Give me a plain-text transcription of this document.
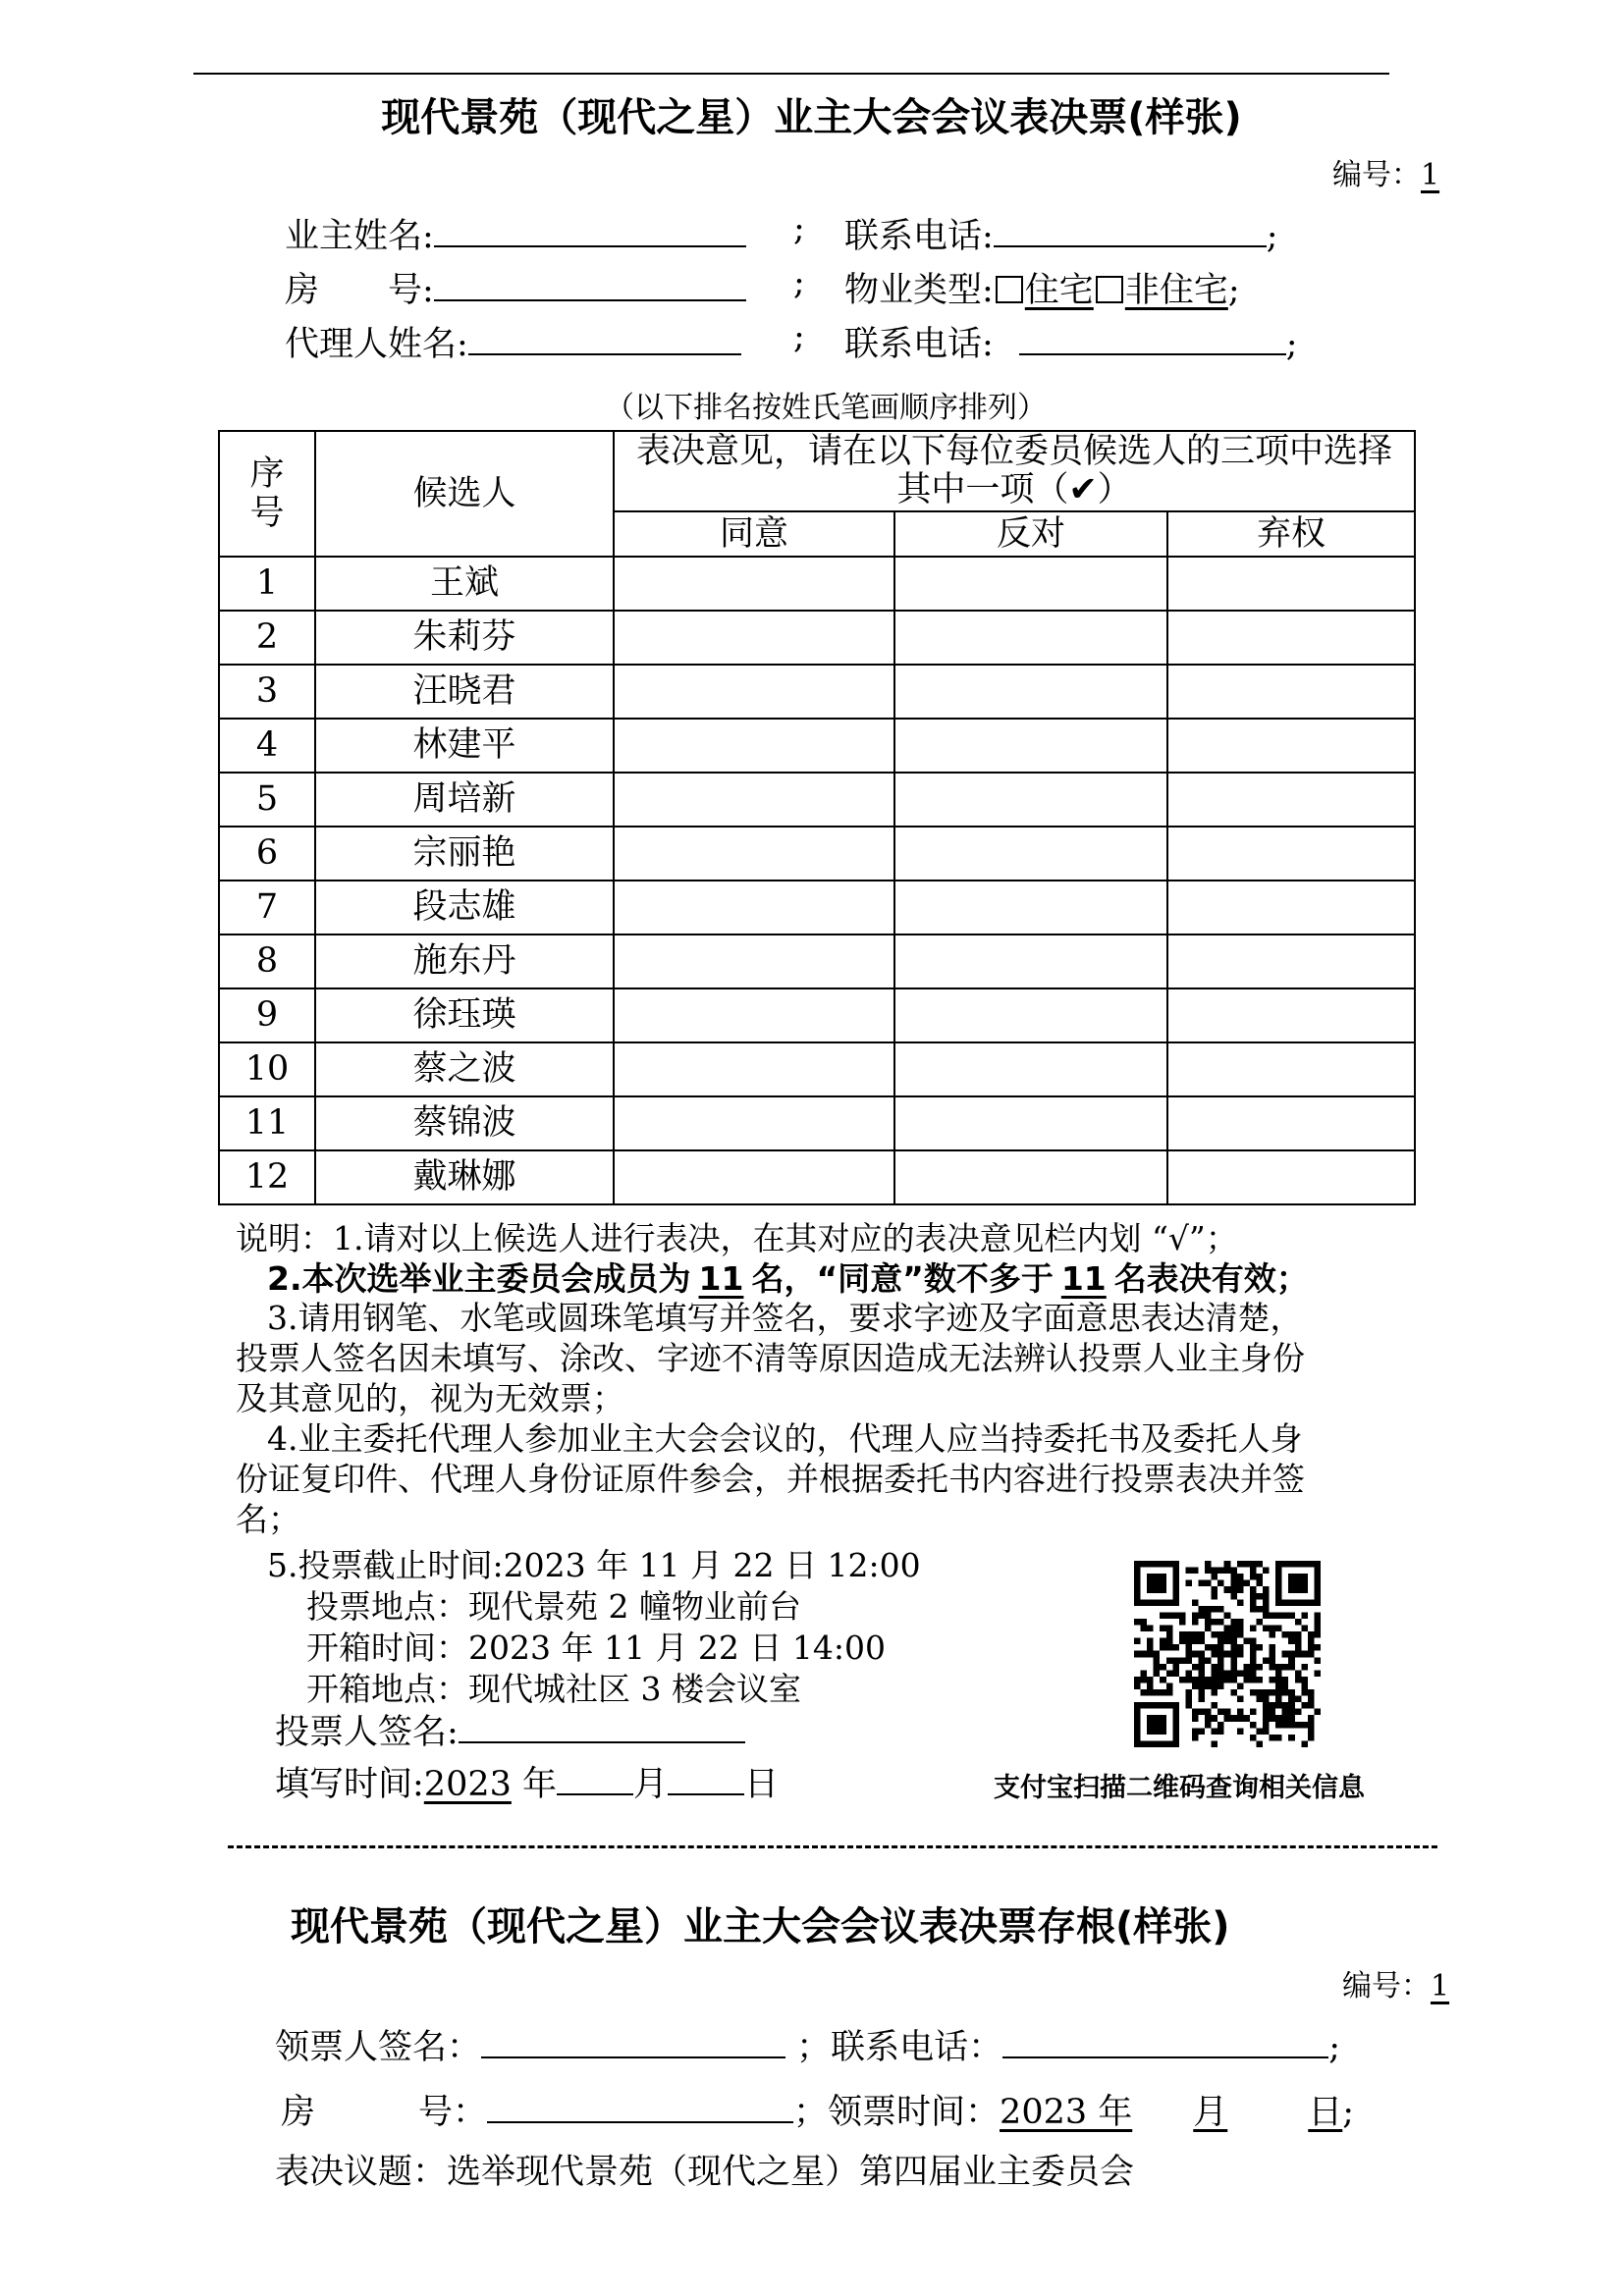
现代景苑（现代之星）业主大会会议表决票(样张)
编号：1
业主姓名:	; 联系电话:	;
房　　号:	; 物业类型: 住宅 非住宅;
代理人姓名:	; 联系电话:	;
（以下排名按姓氏笔画顺序排列）
序号	候选人	表决意见，请在以下每位委员候选人的三项中选择其中一项（✔）		

		同意	反对	弃权
1	王斌			
2	朱莉芬			
3	汪晓君			
4	林建平			
5	周培新			
6	宗丽艳			
7	段志雄			
8	施东丹			
9	徐珏瑛			
10	蔡之波			
11	蔡锦波			
12	戴琳娜			
说明：1.请对以上候选人进行表决，在其对应的表决意见栏内划 “√”；
2.本次选举业主委员会成员为 11 名，“同意”数不多于 11 名表决有效；
3.请用钢笔、水笔或圆珠笔填写并签名，要求字迹及字面意思表达清楚，
投票人签名因未填写、涂改、字迹不清等原因造成无法辨认投票人业主身份
及其意见的，视为无效票；
4.业主委托代理人参加业主大会会议的，代理人应当持委托书及委托人身
份证复印件、代理人身份证原件参会，并根据委托书内容进行投票表决并签
名；
5.投票截止时间:2023 年 11 月 22 日 12:00
投票地点：现代景苑 2 幢物业前台
开箱时间：2023 年 11 月 22 日 14:00
开箱地点：现代城社区 3 楼会议室
投票人签名:
填写时间:2023 年 月 日	支付宝扫描二维码查询相关信息
现代景苑（现代之星）业主大会会议表决票存根(样张)
编号：1
领票人签名：	；联系电话：	;
房　　　号：	；领票时间：2023 年 月 日;
表决议题：选举现代景苑（现代之星）第四届业主委员会
